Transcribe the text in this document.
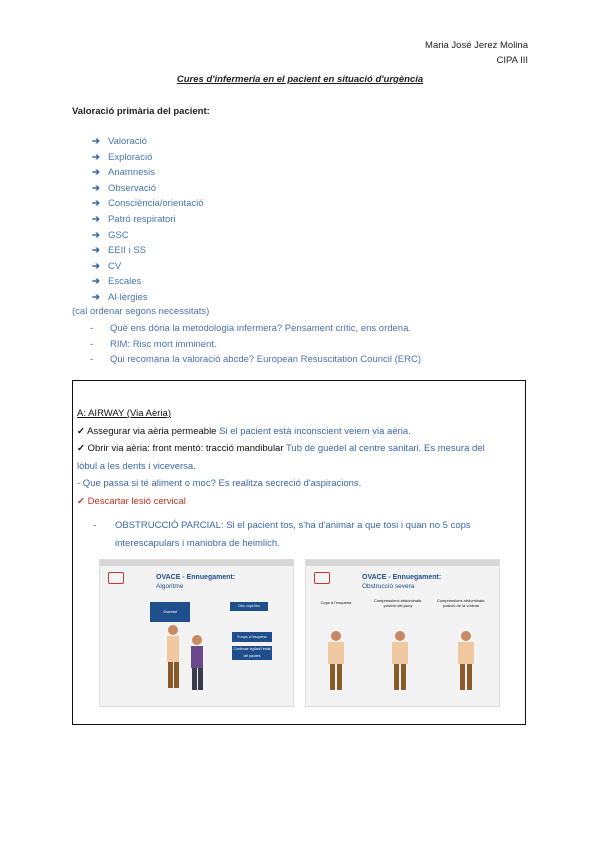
Maria José Jerez Molina
CIPA III
Cures d'infermeria en el pacient en situació d'urgència
Valoració primària del pacient:
➔ Valoració
➔ Exploració
➔ Anamnesis
➔ Observació
➔ Consciència/orientació
➔ Patró respiratori
➔ GSC
➔ EEII i SS
➔ CV
➔ Escales
➔ Al·lèrgies
(cal ordenar segons necessitats)
- Què ens dóna la metodologia infermera? Pensament crític, ens ordena.
- RIM: Risc mort imminent.
- Qui recomana la valoració abcde? European Resuscitation Council (ERC)
A: AIRWAY (Via Aèria)
✓ Assegurar via aèria permeable Si el pacient està inconscient veiem via aèria.
✓ Obrir via aèria: front mentó: tracció mandibular Tub de guedel al centre sanitari. Es mesura del
lòbul a les dents i viceversa.
- Que passa si té aliment o moc? Es realitza secreció d'aspiracions.
✓ Descartar lesió cervical
-	OBSTRUCCIÓ PARCIAL: Si el pacient tos, s'ha d'animar a que tosi i quan no 5 cops interescapulars i maniobra de heimlich.
OVACE - Ennuegament:
Algoritme
Gravetat
Cinc cops lleu
5 cops a l'esquena
Continuar vigilant l'estat del pacient
OVACE - Ennuegament:
Obstrucció severa
Cops a l'esquena	Compressions abdominals: posició del puny
Compressions abdominals: posició de la víctima
